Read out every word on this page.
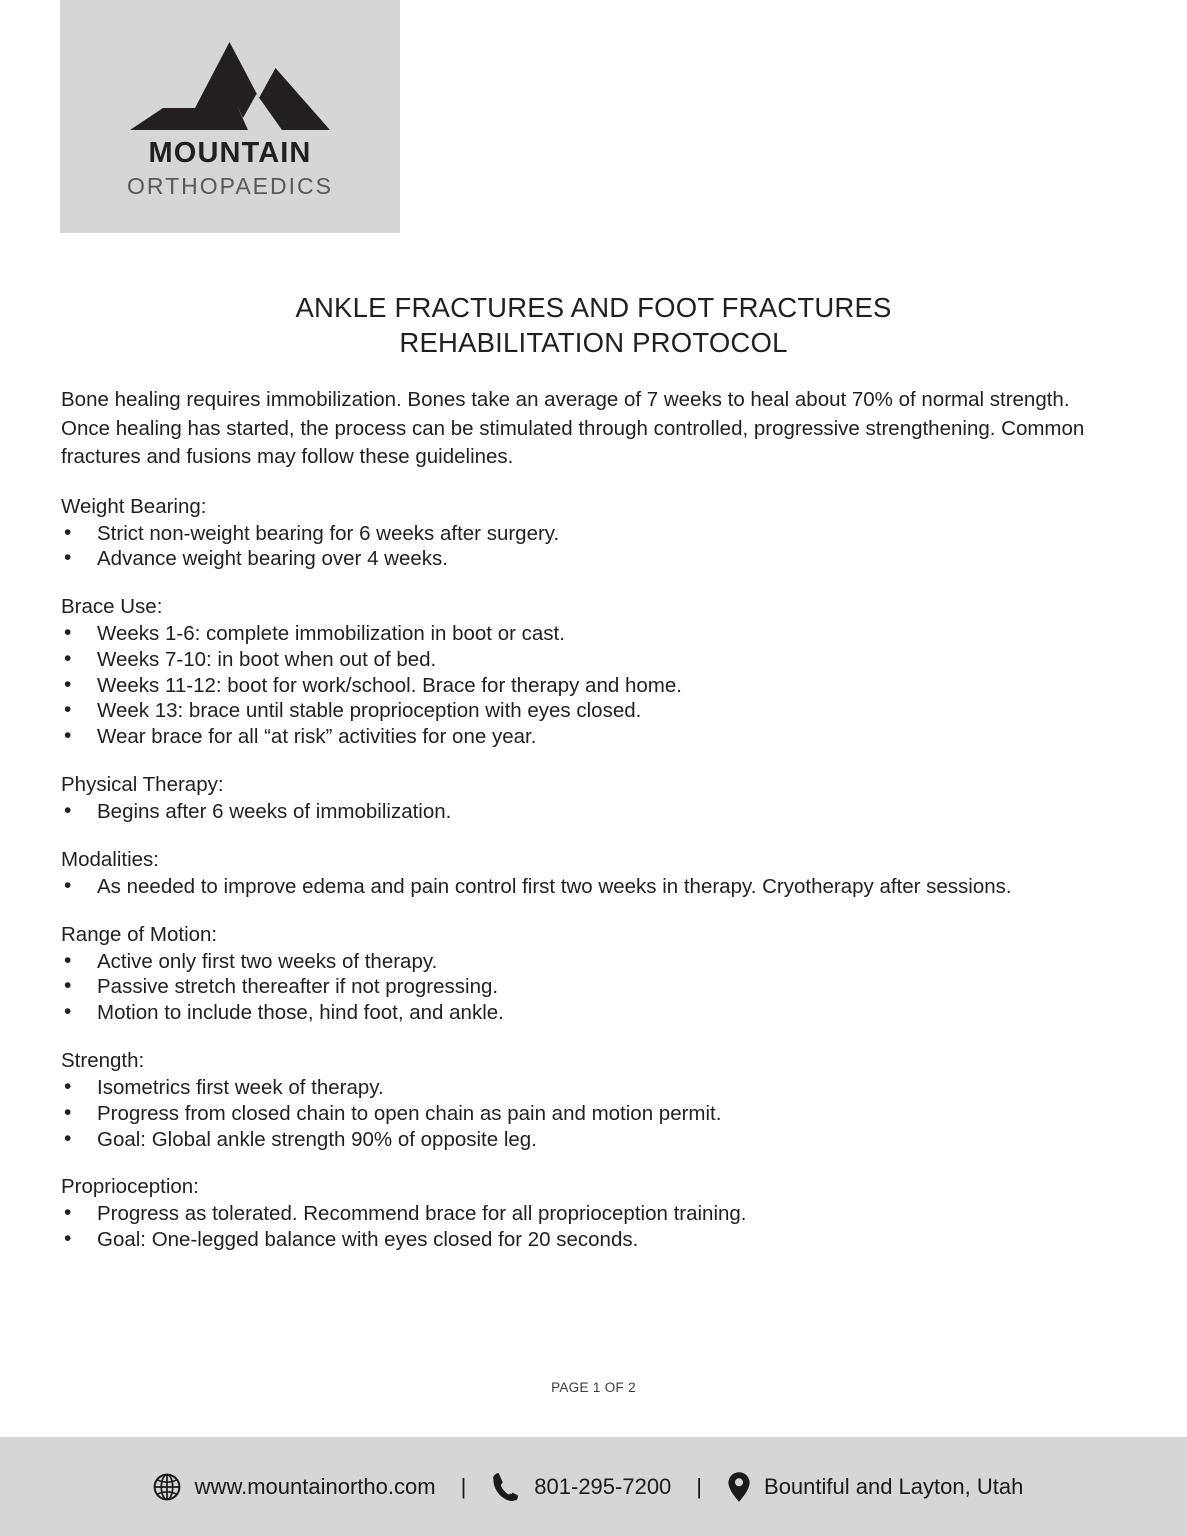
MOUNTAIN
ORTHOPAEDICS
ANKLE FRACTURES AND FOOT FRACTURES
REHABILITATION PROTOCOL

Bone healing requires immobilization. Bones take an average of 7 weeks to heal about 70% of normal strength. Once healing has started, the process can be stimulated through controlled, progressive strengthening. Common fractures and fusions may follow these guidelines.

Weight Bearing:
• Strict non-weight bearing for 6 weeks after surgery.
• Advance weight bearing over 4 weeks.
Brace Use:
• Weeks 1-6: complete immobilization in boot or cast.
• Weeks 7-10: in boot when out of bed.
• Weeks 11-12: boot for work/school. Brace for therapy and home.
• Week 13: brace until stable proprioception with eyes closed.
• Wear brace for all “at risk” activities for one year.
Physical Therapy:
• Begins after 6 weeks of immobilization.
Modalities:
• As needed to improve edema and pain control first two weeks in therapy. Cryotherapy after sessions.
Range of Motion:
• Active only first two weeks of therapy.
• Passive stretch thereafter if not progressing.
• Motion to include those, hind foot, and ankle.
Strength:
• Isometrics first week of therapy.
• Progress from closed chain to open chain as pain and motion permit.
• Goal: Global ankle strength 90% of opposite leg.
Proprioception:
• Progress as tolerated. Recommend brace for all proprioception training.
• Goal: One-legged balance with eyes closed for 20 seconds.
PAGE 1 OF 2
www.mountainortho.com	|	801-295-7200	|	Bountiful and Layton, Utah
